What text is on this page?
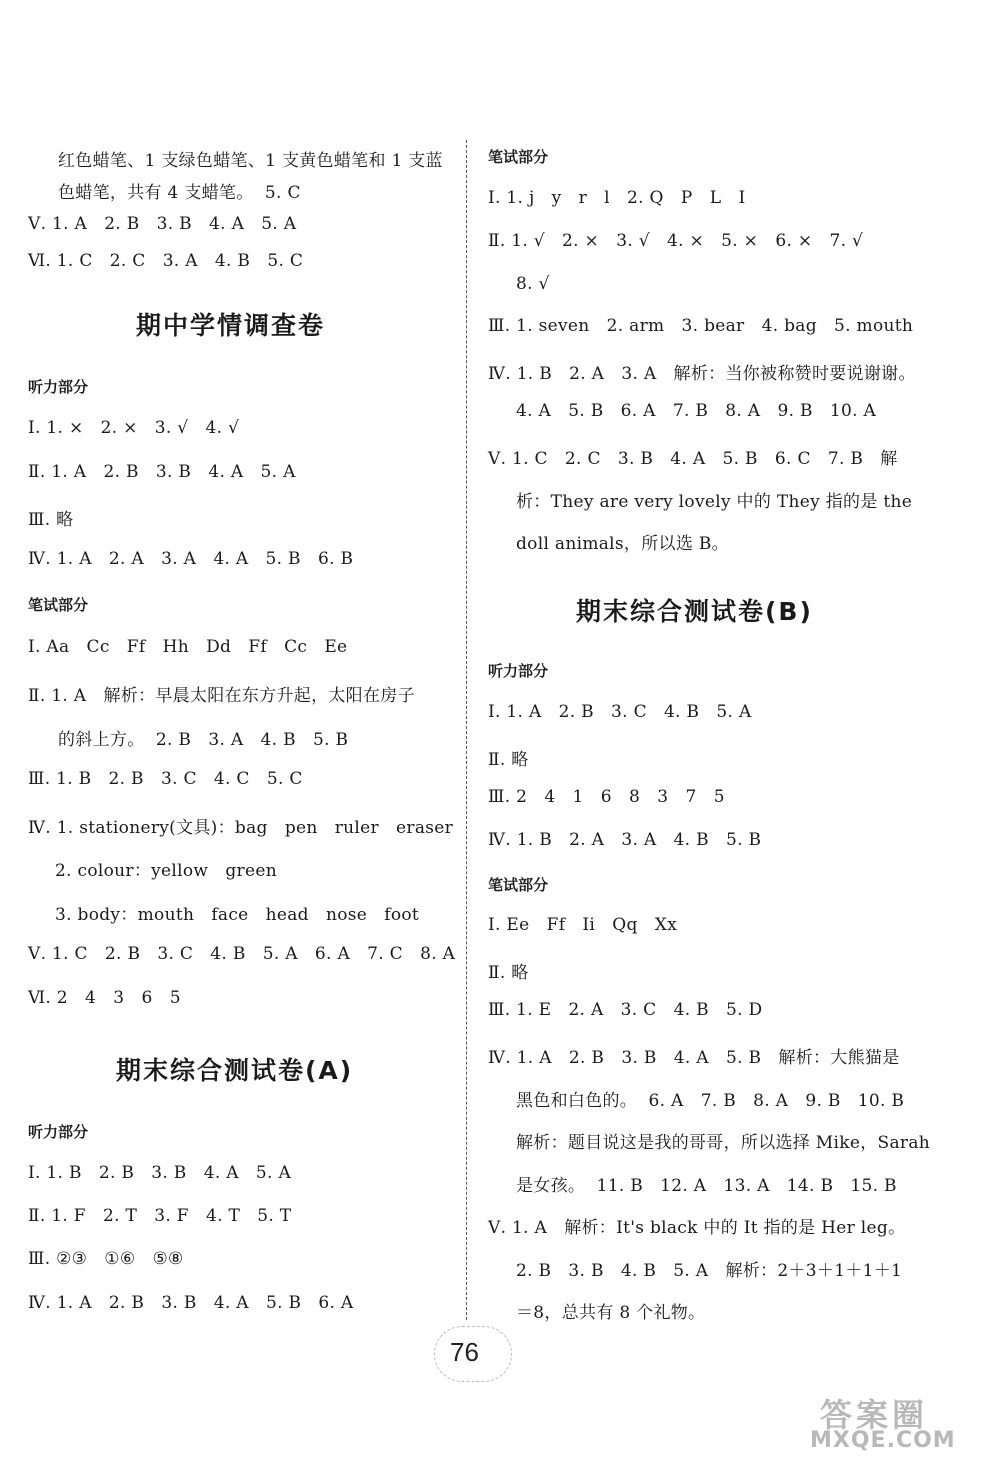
红色蜡笔、1 支绿色蜡笔、1 支黄色蜡笔和 1 支蓝
色蜡笔，共有 4 支蜡笔。  5. C
Ⅴ. 1. A   2. B   3. B   4. A   5. A
Ⅵ. 1. C   2. C   3. A   4. B   5. C
期中学情调查卷
听力部分
Ⅰ. 1. ×   2. ×   3. √   4. √
Ⅱ. 1. A   2. B   3. B   4. A   5. A
Ⅲ. 略
Ⅳ. 1. A   2. A   3. A   4. A   5. B   6. B
笔试部分
Ⅰ. Aa   Cc   Ff   Hh   Dd   Ff   Cc   Ee
Ⅱ. 1. A   解析：早晨太阳在东方升起，太阳在房子
的斜上方。  2. B   3. A   4. B   5. B
Ⅲ. 1. B   2. B   3. C   4. C   5. C
Ⅳ. 1. stationery(文具)：bag   pen   ruler   eraser
2. colour：yellow   green
3. body：mouth   face   head   nose   foot
Ⅴ. 1. C   2. B   3. C   4. B   5. A   6. A   7. C   8. A
Ⅵ. 2   4   3   6   5
期末综合测试卷(A)
听力部分
Ⅰ. 1. B   2. B   3. B   4. A   5. A
Ⅱ. 1. F   2. T   3. F   4. T   5. T
Ⅲ. ②③   ①⑥   ⑤⑧
Ⅳ. 1. A   2. B   3. B   4. A   5. B   6. A
笔试部分
Ⅰ. 1. j   y   r   l   2. Q   P   L   I
Ⅱ. 1. √   2. ×   3. √   4. ×   5. ×   6. ×   7. √
8. √
Ⅲ. 1. seven   2. arm   3. bear   4. bag   5. mouth
Ⅳ. 1. B   2. A   3. A   解析：当你被称赞时要说谢谢。
4. A   5. B   6. A   7. B   8. A   9. B   10. A
Ⅴ. 1. C   2. C   3. B   4. A   5. B   6. C   7. B   解
析：They are very lovely 中的 They 指的是 the
doll animals，所以选 B。
期末综合测试卷(B)
听力部分
Ⅰ. 1. A   2. B   3. C   4. B   5. A
Ⅱ. 略
Ⅲ. 2   4   1   6   8   3   7   5
Ⅳ. 1. B   2. A   3. A   4. B   5. B
笔试部分
Ⅰ. Ee   Ff   Ii   Qq   Xx
Ⅱ. 略
Ⅲ. 1. E   2. A   3. C   4. B   5. D
Ⅳ. 1. A   2. B   3. B   4. A   5. B   解析：大熊猫是
黑色和白色的。  6. A   7. B   8. A   9. B   10. B
解析：题目说这是我的哥哥，所以选择 Mike，Sarah
是女孩。  11. B   12. A   13. A   14. B   15. B
Ⅴ. 1. A   解析：It's black 中的 It 指的是 Her leg。
2. B   3. B   4. B   5. A   解析：2＋3＋1＋1＋1
＝8，总共有 8 个礼物。
76
答案圈
MXQE.COM
